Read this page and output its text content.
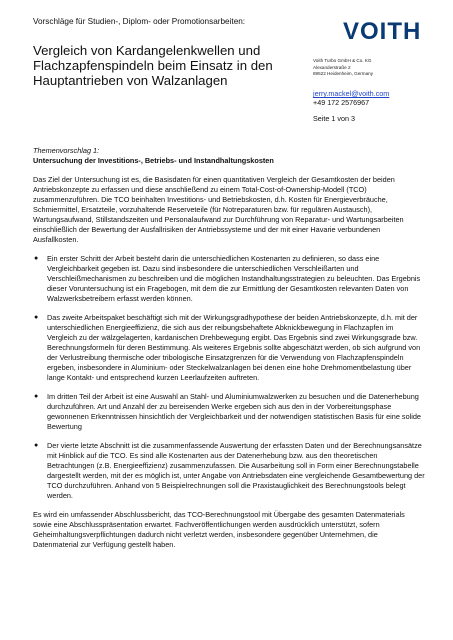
Vorschläge für Studien-, Diplom- oder Promotionsarbeiten:
Vergleich von Kardangelenkwellen und Flachzapfenspindeln beim Einsatz in den Hauptantrieben von Walzanlagen
VOITH
Voith Turbo GmbH & Co. KG
Alexanderstraße 2
89522 Heidenheim, Germany
jerry.mackel@voith.com
+49 172 2576967
Seite 1 von 3
Themenvorschlag 1:
Untersuchung der Investitions-, Betriebs- und Instandhaltungskosten

Das Ziel der Untersuchung ist es, die Basisdaten für einen quantitativen Vergleich der Gesamtkosten der beiden Antriebskonzepte zu erfassen und diese anschließend zu einem Total-Cost-of-Ownership-Modell (TCO) zusammenzuführen. Die TCO beinhalten Investitions- und Betriebskosten, d.h. Kosten für Energieverbräuche, Schmiermittel, Ersatzteile, vorzuhaltende Reserveteile (für Notreparaturen bzw. für regulären Austausch), Wartungsaufwand, Stillstandszeiten und Personalaufwand zur Durchführung von Reparatur- und Wartungsarbeiten einschließlich der Bewertung der Ausfallrisiken der Antriebssysteme und der mit einer Havarie verbundenen Ausfallkosten.

● Ein erster Schritt der Arbeit besteht darin die unterschiedlichen Kostenarten zu definieren, so dass eine Vergleichbarkeit gegeben ist. Dazu sind insbesondere die unterschiedlichen Verschleißarten und Verschleißmechanismen zu beschreiben und die möglichen Instandhaltungsstrategien zu beleuchten. Das Ergebnis dieser Voruntersuchung ist ein Fragebogen, mit dem die zur Ermittlung der Gesamtkosten relevanten Daten von Walzwerksbetreibern erfasst werden können.
● Das zweite Arbeitspaket beschäftigt sich mit der Wirkungsgradhypothese der beiden Antriebskonzepte, d.h. mit der unterschiedlichen Energieeffizienz, die sich aus der reibungsbehaftete Abknickbewegung in Flachzapfen im Vergleich zu der wälzgelagerten, kardanischen Drehbewegung ergibt. Das Ergebnis sind zwei Wirkungsgrade bzw. Berechnungsformeln für deren Bestimmung. Als weiteres Ergebnis sollte abgeschätzt werden, ob sich aufgrund von der Verlustreibung thermische oder tribologische Einsatzgrenzen für die Verwendung von Flachzapfenspindeln ergeben, insbesondere in Aluminium- oder Steckelwalzanlagen bei denen eine hohe Drehmomentbelastung über lange Kontakt- und entsprechend kurzen Leerlaufzeiten auftreten.
● Im dritten Teil der Arbeit ist eine Auswahl an Stahl- und Aluminiumwalzwerken zu besuchen und die Datenerhebung durchzuführen. Art und Anzahl der zu bereisenden Werke ergeben sich aus den in der Vorbereitungsphase gewonnenen Erkenntnissen hinsichtlich der Vergleichbarkeit und der notwendigen statistischen Basis für eine solide Bewertung
● Der vierte letzte Abschnitt ist die zusammenfassende Auswertung der erfassten Daten und der Berechnungsansätze mit Hinblick auf die TCO. Es sind alle Kostenarten aus der Datenerhebung bzw. aus den theoretischen Betrachtungen (z.B. Energieeffizienz) zusammenzufassen. Die Ausarbeitung soll in Form einer Berechnungstabelle dargestellt werden, mit der es möglich ist, unter Angabe von Antriebsdaten eine vergleichende Gesamtbewertung der TCO durchzuführen. Anhand von 5 Beispielrechnungen soll die Praxistauglichkeit des Berechnungstools belegt werden.

Es wird ein umfassender Abschlussbericht, das TCO-Berechnungstool mit Übergabe des gesamten Datenmaterials sowie eine Abschlusspräsentation erwartet. Fachveröffentlichungen werden ausdrücklich unterstützt, sofern Geheimhaltungsverpflichtungen dadurch nicht verletzt werden, insbesondere gegenüber Unternehmen, die Datenmaterial zur Verfügung gestellt haben.
